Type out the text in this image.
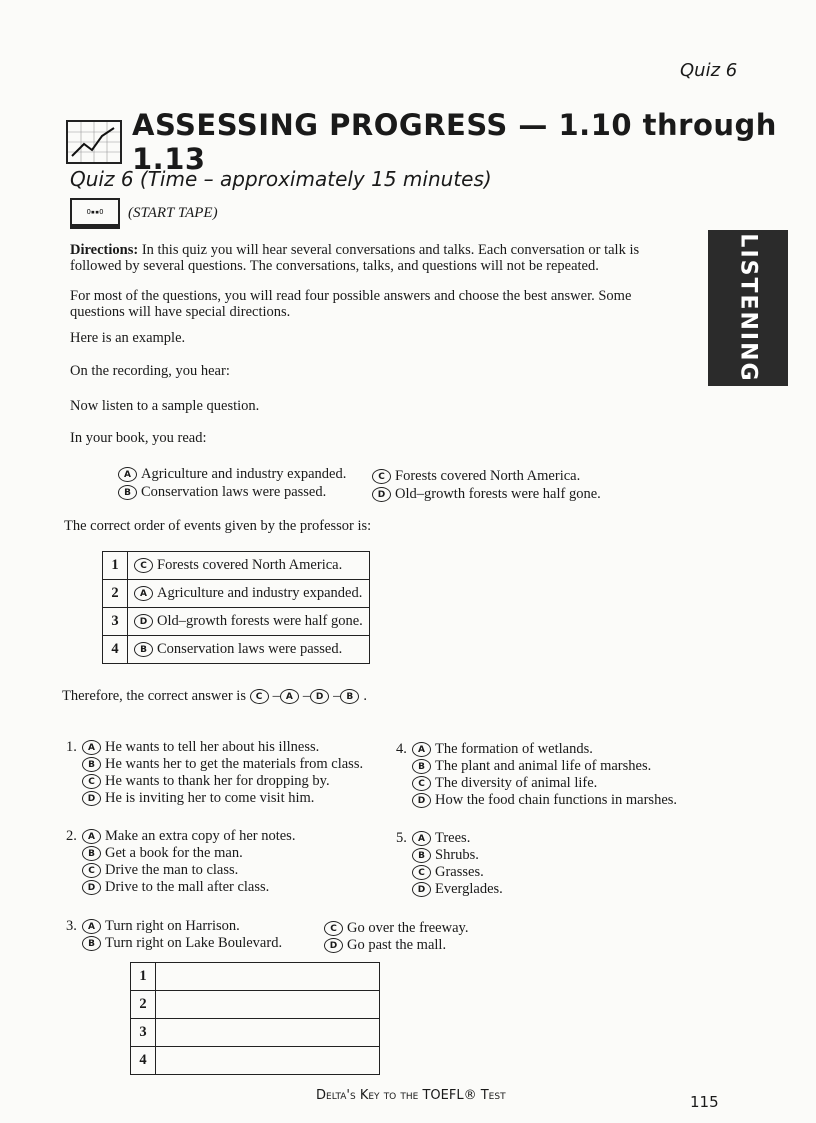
Quiz 6
ASSESSING PROGRESS — 1.10 through 1.13
Quiz 6 (Time – approximately 15 minutes)
O▪▪O	(START TAPE)
LISTENING
Directions: In this quiz you will hear several conversations and talks. Each conversation or talk is followed by several questions. The conversations, talks, and questions will not be repeated.
For most of the questions, you will read four possible answers and choose the best answer. Some questions will have special directions.
Here is an example.
On the recording, you hear:
Now listen to a sample question.
In your book, you read:
A Agriculture and industry expanded.
B Conservation laws were passed.
C Forests covered North America.
D Old–growth forests were half gone.
The correct order of events given by the professor is:
1	C Forests covered North America.

2	A Agriculture and industry expanded.

3	D Old–growth forests were half gone.

4	B Conservation laws were passed.
Therefore, the correct answer is
	C – A – D – B .
1.	A He wants to tell her about his illness.
B He wants her to get the materials from class.
C He wants to thank her for dropping by.
D He is inviting her to come visit him.
2.	A Make an extra copy of her notes.
B Get a book for the man.
C Drive the man to class.
D Drive to the mall after class.
3.	A Turn right on Harrison.
B Turn right on Lake Boulevard.
C Go over the freeway.
D Go past the mall.
1	
2	
3	
4	
4.	A The formation of wetlands.
B The plant and animal life of marshes.
C The diversity of animal life.
D How the food chain functions in marshes.
5.	A Trees.
B Shrubs.
C Grasses.
D Everglades.
Delta's Key to the TOEFL® Test	115
